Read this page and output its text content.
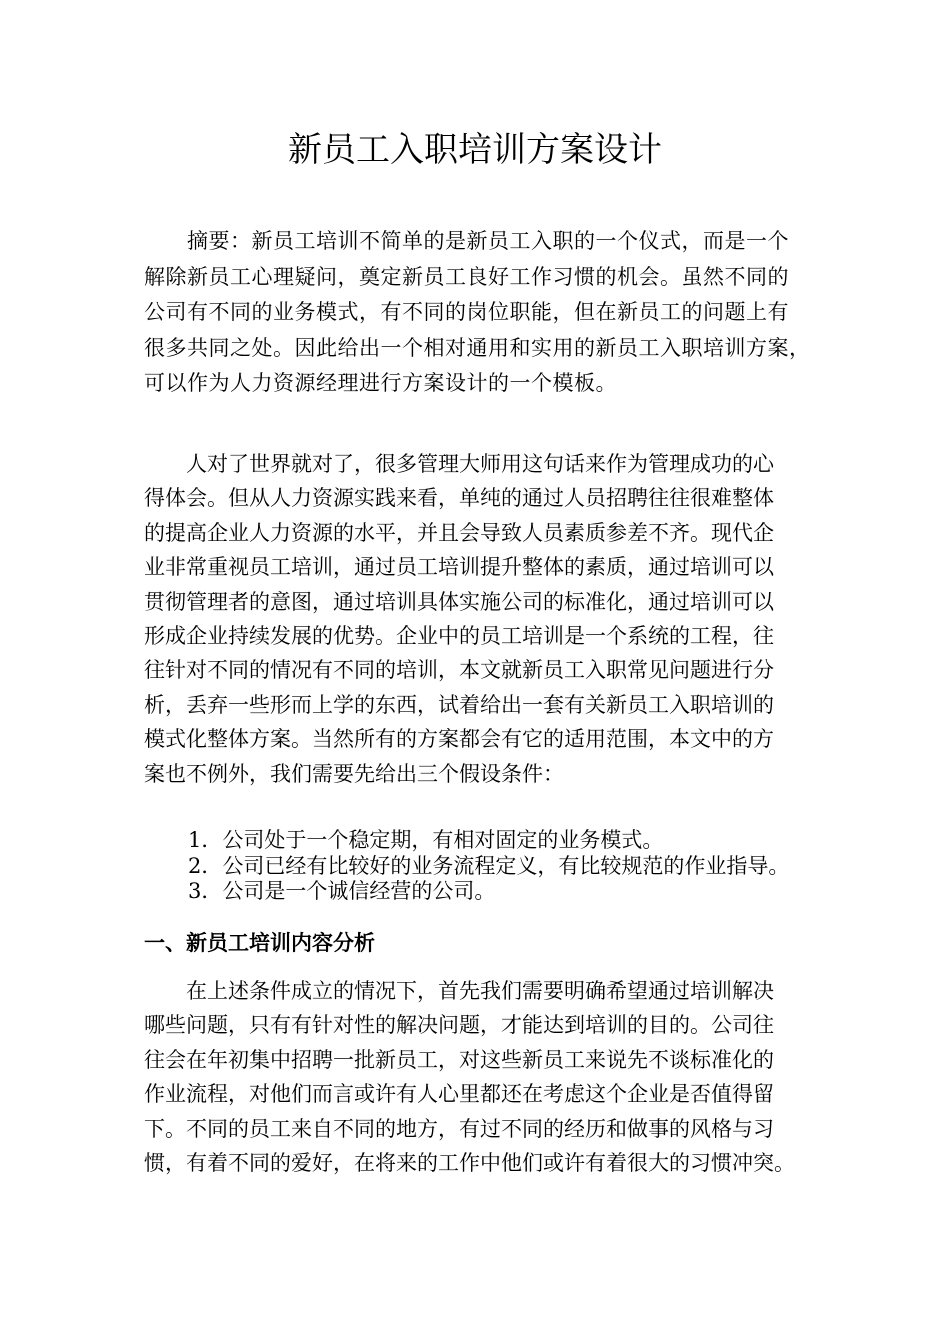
新员工入职培训方案设计
　　摘要：新员工培训不简单的是新员工入职的一个仪式，而是一个
解除新员工心理疑问，奠定新员工良好工作习惯的机会。虽然不同的
公司有不同的业务模式，有不同的岗位职能，但在新员工的问题上有
很多共同之处。因此给出一个相对通用和实用的新员工入职培训方案，
可以作为人力资源经理进行方案设计的一个模板。
　　人对了世界就对了，很多管理大师用这句话来作为管理成功的心
得体会。但从人力资源实践来看，单纯的通过人员招聘往往很难整体
的提高企业人力资源的水平，并且会导致人员素质参差不齐。现代企
业非常重视员工培训，通过员工培训提升整体的素质，通过培训可以
贯彻管理者的意图，通过培训具体实施公司的标准化，通过培训可以
形成企业持续发展的优势。企业中的员工培训是一个系统的工程，往
往针对不同的情况有不同的培训，本文就新员工入职常见问题进行分
析，丢弃一些形而上学的东西，试着给出一套有关新员工入职培训的
模式化整体方案。当然所有的方案都会有它的适用范围，本文中的方
案也不例外，我们需要先给出三个假设条件：
1．公司处于一个稳定期，有相对固定的业务模式。
2．公司已经有比较好的业务流程定义，有比较规范的作业指导。
3．公司是一个诚信经营的公司。
一、新员工培训内容分析
　　在上述条件成立的情况下，首先我们需要明确希望通过培训解决
哪些问题，只有有针对性的解决问题，才能达到培训的目的。公司往
往会在年初集中招聘一批新员工，对这些新员工来说先不谈标准化的
作业流程，对他们而言或许有人心里都还在考虑这个企业是否值得留
下。不同的员工来自不同的地方，有过不同的经历和做事的风格与习
惯，有着不同的爱好，在将来的工作中他们或许有着很大的习惯冲突。
